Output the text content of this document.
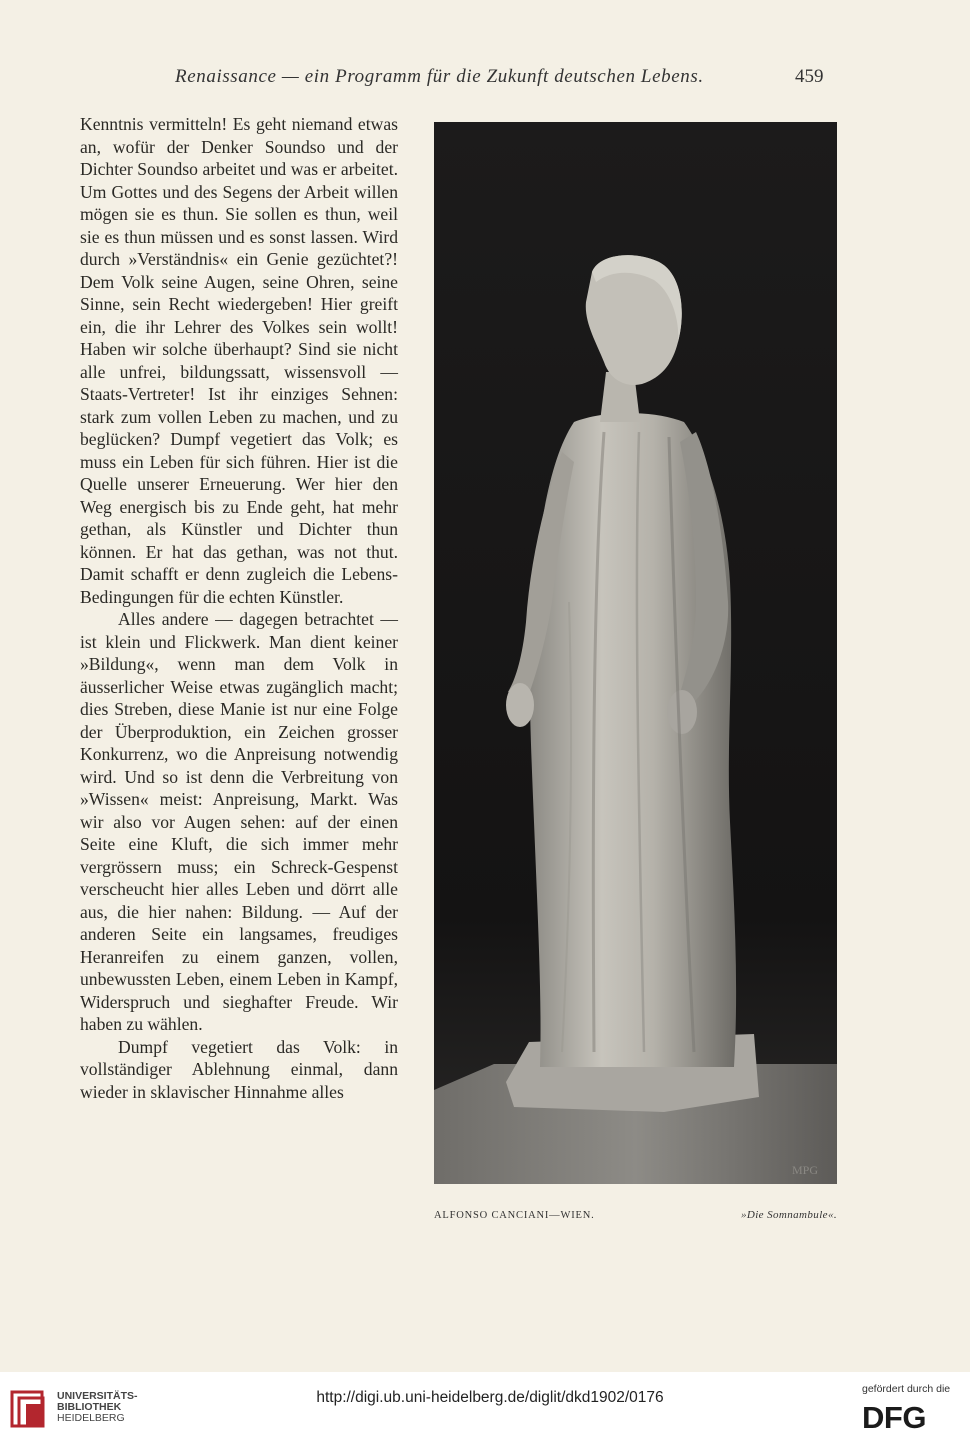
Renaissance — ein Programm für die Zukunft deutschen Lebens.	459

Kenntnis vermitteln! Es geht niemand etwas an, wofür der Denker Soundso und der Dichter Soundso arbeitet und was er arbeitet. Um Gottes und des Segens der Arbeit willen mögen sie es thun. Sie sollen es thun, weil sie es thun müssen und es sonst lassen. Wird durch »Verständnis« ein Genie gezüchtet?! Dem Volk seine Augen, seine Ohren, seine Sinne, sein Recht wiedergeben! Hier greift ein, die ihr Lehrer des Volkes sein wollt! Haben wir solche überhaupt? Sind sie nicht alle unfrei, bildungssatt, wissensvoll — Staats-Vertreter! Ist ihr einziges Sehnen: stark zum vollen Leben zu machen, und zu beglücken? Dumpf vegetiert das Volk; es muss ein Leben für sich führen. Hier ist die Quelle unserer Erneuerung. Wer hier den Weg energisch bis zu Ende geht, hat mehr gethan, als Künstler und Dichter thun können. Er hat das gethan, was not thut. Damit schafft er denn zugleich die Lebens-Bedingungen für die echten Künstler.

Alles andere — dagegen betrachtet — ist klein und Flickwerk. Man dient keiner »Bildung«, wenn man dem Volk in äusserlicher Weise etwas zugänglich macht; dies Streben, diese Manie ist nur eine Folge der Überproduktion, ein Zeichen grosser Konkurrenz, wo die Anpreisung notwendig wird. Und so ist denn die Verbreitung von »Wissen« meist: Anpreisung, Markt. Was wir also vor Augen sehen: auf der einen Seite eine Kluft, die sich immer mehr vergrössern muss; ein Schreck-Gespenst verscheucht hier alles Leben und dörrt alle aus, die hier nahen: Bildung. — Auf der anderen Seite ein langsames, freudiges Heranreifen zu einem ganzen, vollen, unbewussten Leben, einem Leben in Kampf, Widerspruch und sieghafter Freude. Wir haben zu wählen.

Dumpf vegetiert das Volk: in vollständiger Ablehnung einmal, dann wieder in sklavischer Hinnahme alles

MPG
ALFONSO CANCIANI—WIEN.	»Die Somnambule«.
UNIVERSITÄTS-
BIBLIOTHEK
HEIDELBERG
http://digi.ub.uni-heidelberg.de/diglit/dkd1902/0176	gefördert durch die
DFG
